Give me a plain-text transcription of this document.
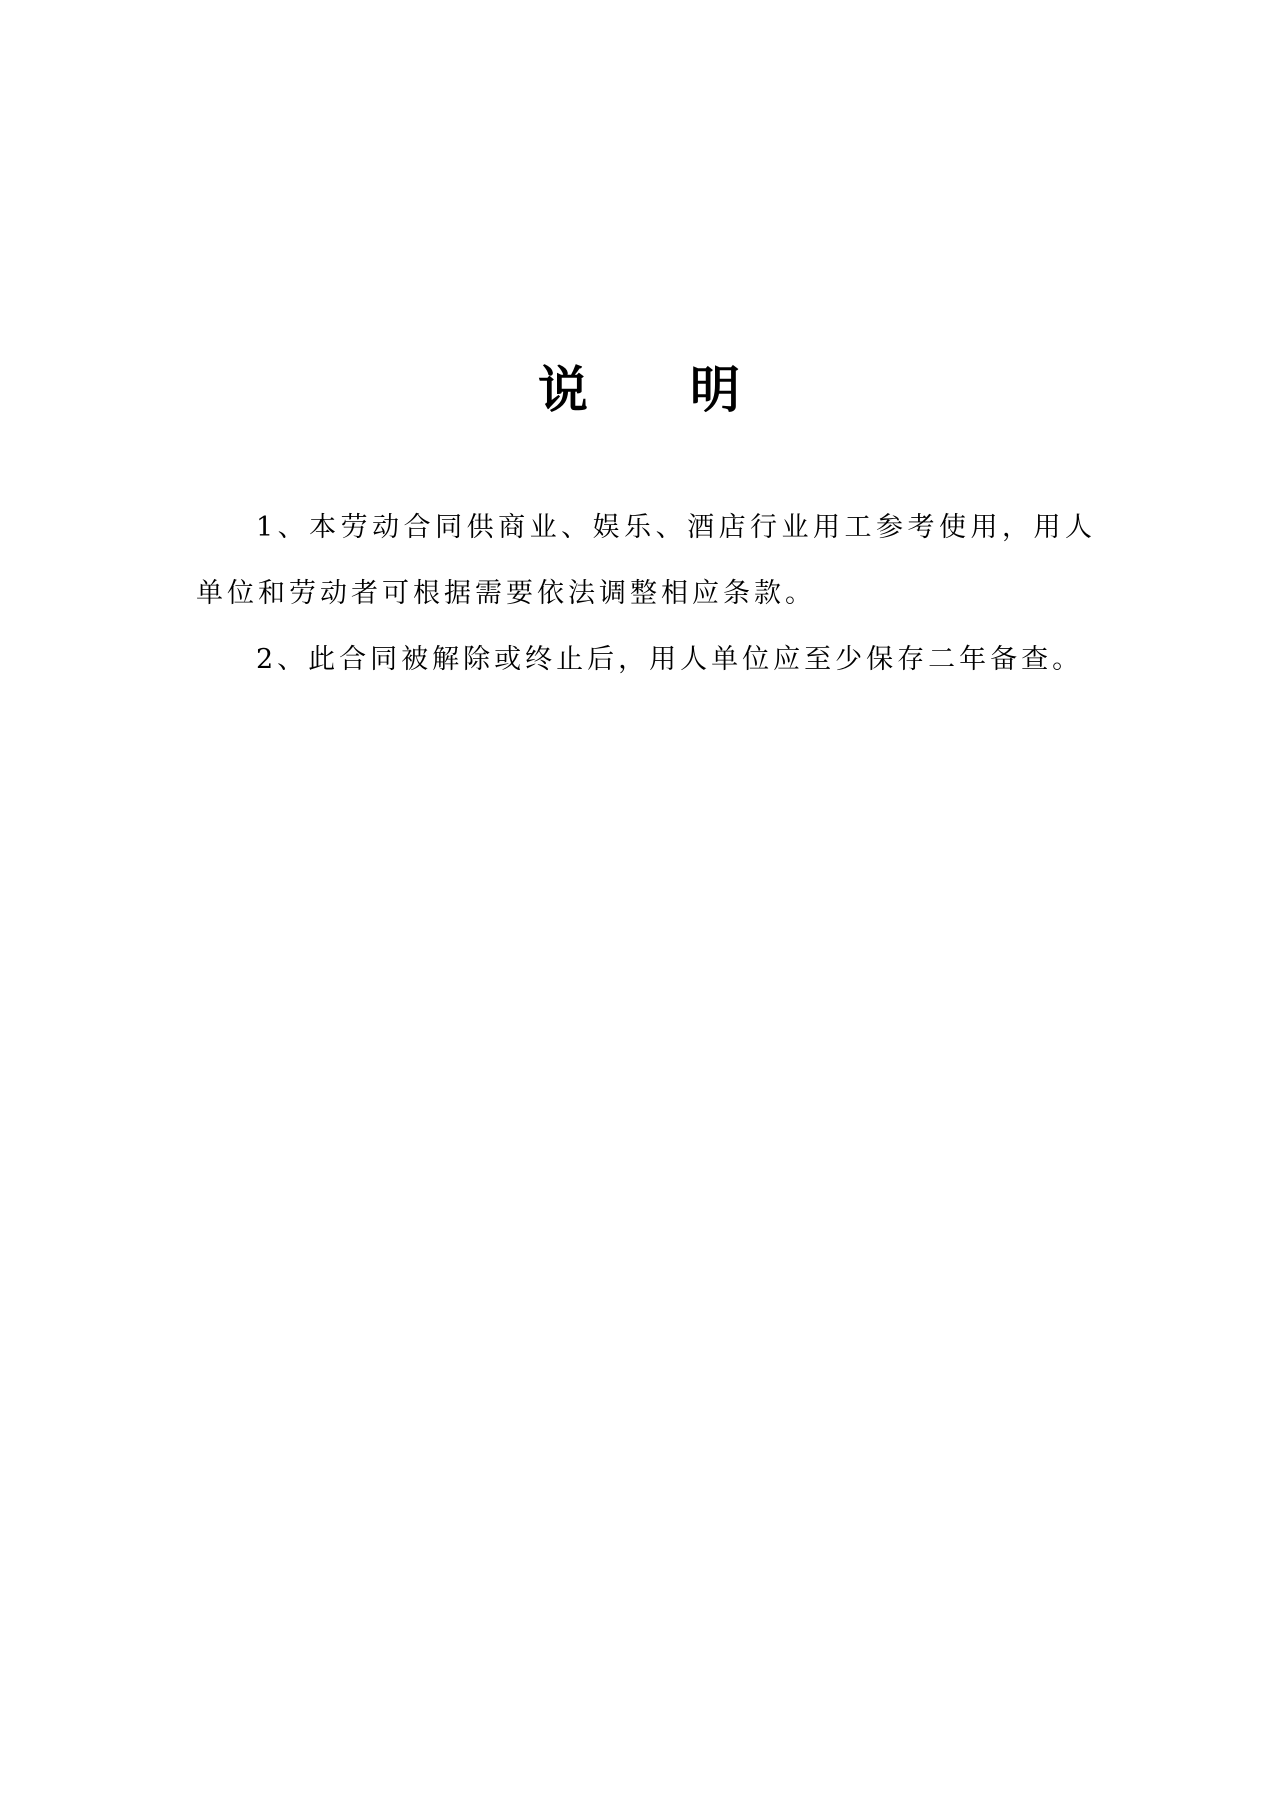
说 明

1、本劳动合同供商业、娱乐、酒店行业用工参考使用，用人单位和劳动者可根据需要依法调整相应条款。

2、此合同被解除或终止后，用人单位应至少保存二年备查。
